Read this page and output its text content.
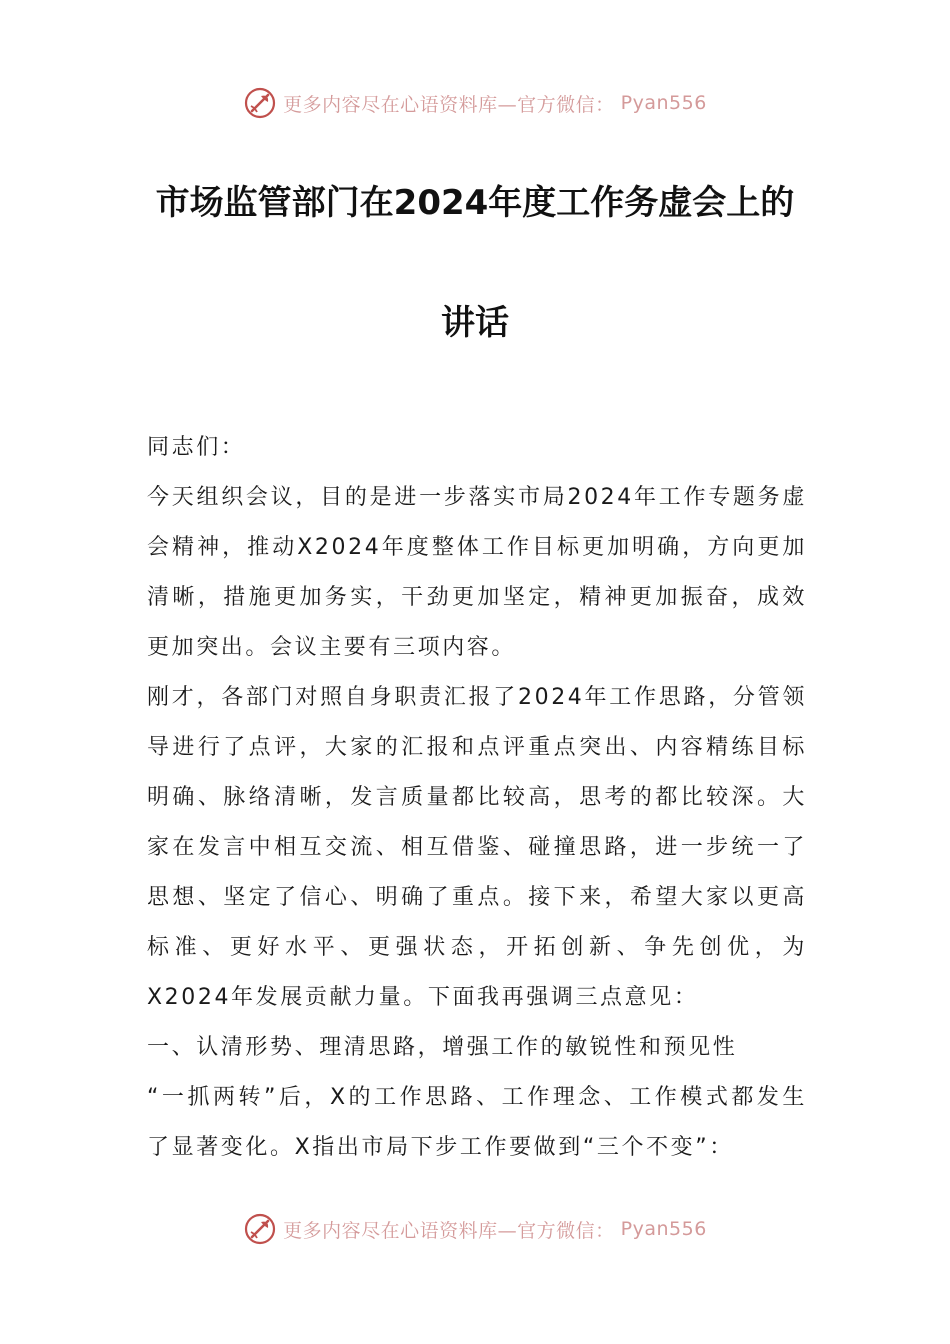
更多内容尽在心语资料库—官方微信： Pyan556
市场监管部门在2024年度工作务虚会上的
讲话

同志们：

今天组织会议，目的是进一步落实市局2024年工作专题务虚会精神，推动X2024年度整体工作目标更加明确，方向更加清晰，措施更加务实，干劲更加坚定，精神更加振奋，成效更加突出。会议主要有三项内容。

刚才，各部门对照自身职责汇报了2024年工作思路，分管领导进行了点评，大家的汇报和点评重点突出、内容精练目标明确、脉络清晰，发言质量都比较高，思考的都比较深。大家在发言中相互交流、相互借鉴、碰撞思路，进一步统一了思想、坚定了信心、明确了重点。接下来，希望大家以更高标准、更好水平、更强状态，开拓创新、争先创优，为X2024年发展贡献力量。下面我再强调三点意见：

一、认清形势、理清思路，增强工作的敏锐性和预见性

“一抓两转”后，X的工作思路、工作理念、工作模式都发生了显著变化。X指出市局下步工作要做到“三个不变”：

更多内容尽在心语资料库—官方微信： Pyan556
